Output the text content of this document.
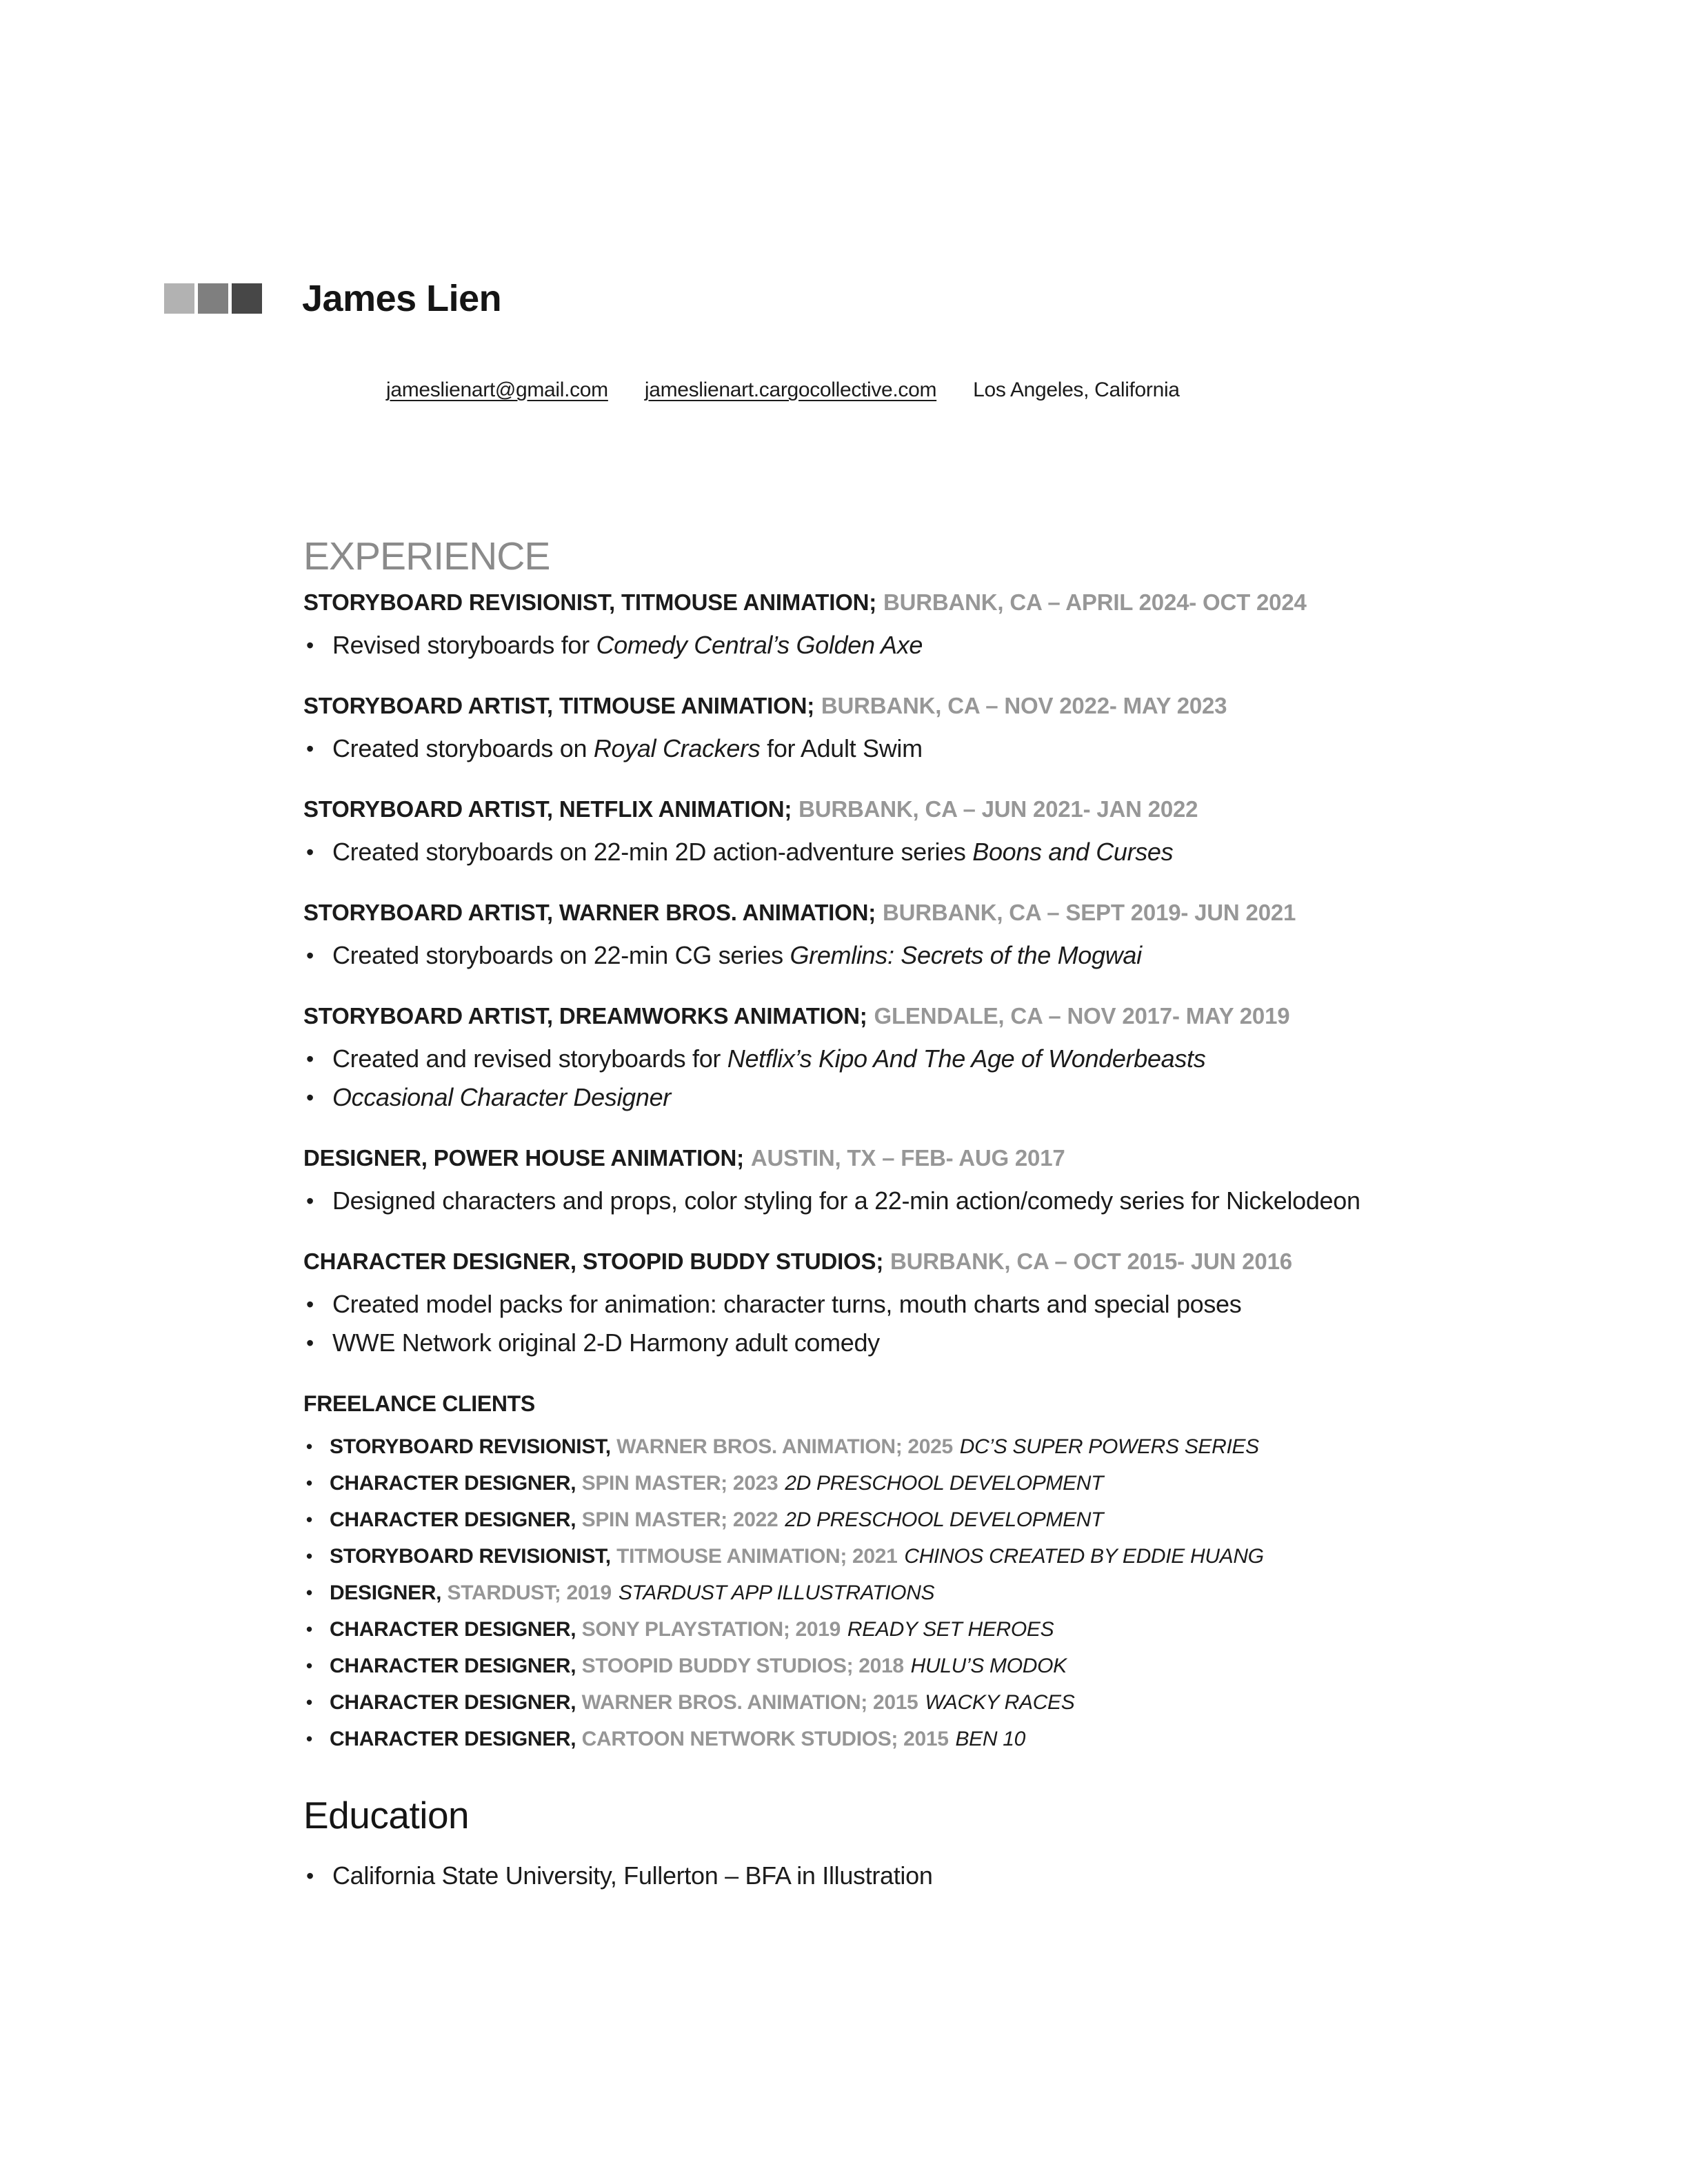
James Lien
jameslienart@gmail.com jameslienart.cargocollective.com Los Angeles, California
EXPERIENCE
STORYBOARD REVISIONIST, TITMOUSE ANIMATION; BURBANK, CA – APRIL 2024- OCT 2024
• Revised storyboards for Comedy Central’s Golden Axe
STORYBOARD ARTIST, TITMOUSE ANIMATION; BURBANK, CA – NOV 2022- MAY 2023
• Created storyboards on Royal Crackers for Adult Swim
STORYBOARD ARTIST, NETFLIX ANIMATION; BURBANK, CA – JUN 2021- JAN 2022
• Created storyboards on 22-min 2D action-adventure series Boons and Curses
STORYBOARD ARTIST, WARNER BROS. ANIMATION; BURBANK, CA – SEPT 2019- JUN 2021
• Created storyboards on 22-min CG series Gremlins: Secrets of the Mogwai
STORYBOARD ARTIST, DREAMWORKS ANIMATION; GLENDALE, CA – NOV 2017- MAY 2019
• Created and revised storyboards for Netflix’s Kipo And The Age of Wonderbeasts
• Occasional Character Designer
DESIGNER, POWER HOUSE ANIMATION; AUSTIN, TX – FEB- AUG 2017
• Designed characters and props, color styling for a 22-min action/comedy series for Nickelodeon
CHARACTER DESIGNER, STOOPID BUDDY STUDIOS; BURBANK, CA – OCT 2015- JUN 2016
• Created model packs for animation: character turns, mouth charts and special poses
• WWE Network original 2-D Harmony adult comedy
FREELANCE CLIENTS
• STORYBOARD REVISIONIST, WARNER BROS. ANIMATION; 2025 DC’S SUPER POWERS SERIES
• CHARACTER DESIGNER, SPIN MASTER; 2023 2D PRESCHOOL DEVELOPMENT
• CHARACTER DESIGNER, SPIN MASTER; 2022 2D PRESCHOOL DEVELOPMENT
• STORYBOARD REVISIONIST, TITMOUSE ANIMATION; 2021 CHINOS CREATED BY EDDIE HUANG
• DESIGNER, STARDUST; 2019 STARDUST APP ILLUSTRATIONS
• CHARACTER DESIGNER, SONY PLAYSTATION; 2019 READY SET HEROES
• CHARACTER DESIGNER, STOOPID BUDDY STUDIOS; 2018 HULU’S MODOK
• CHARACTER DESIGNER, WARNER BROS. ANIMATION; 2015 WACKY RACES
• CHARACTER DESIGNER, CARTOON NETWORK STUDIOS; 2015 BEN 10
Education
• California State University, Fullerton – BFA in Illustration
